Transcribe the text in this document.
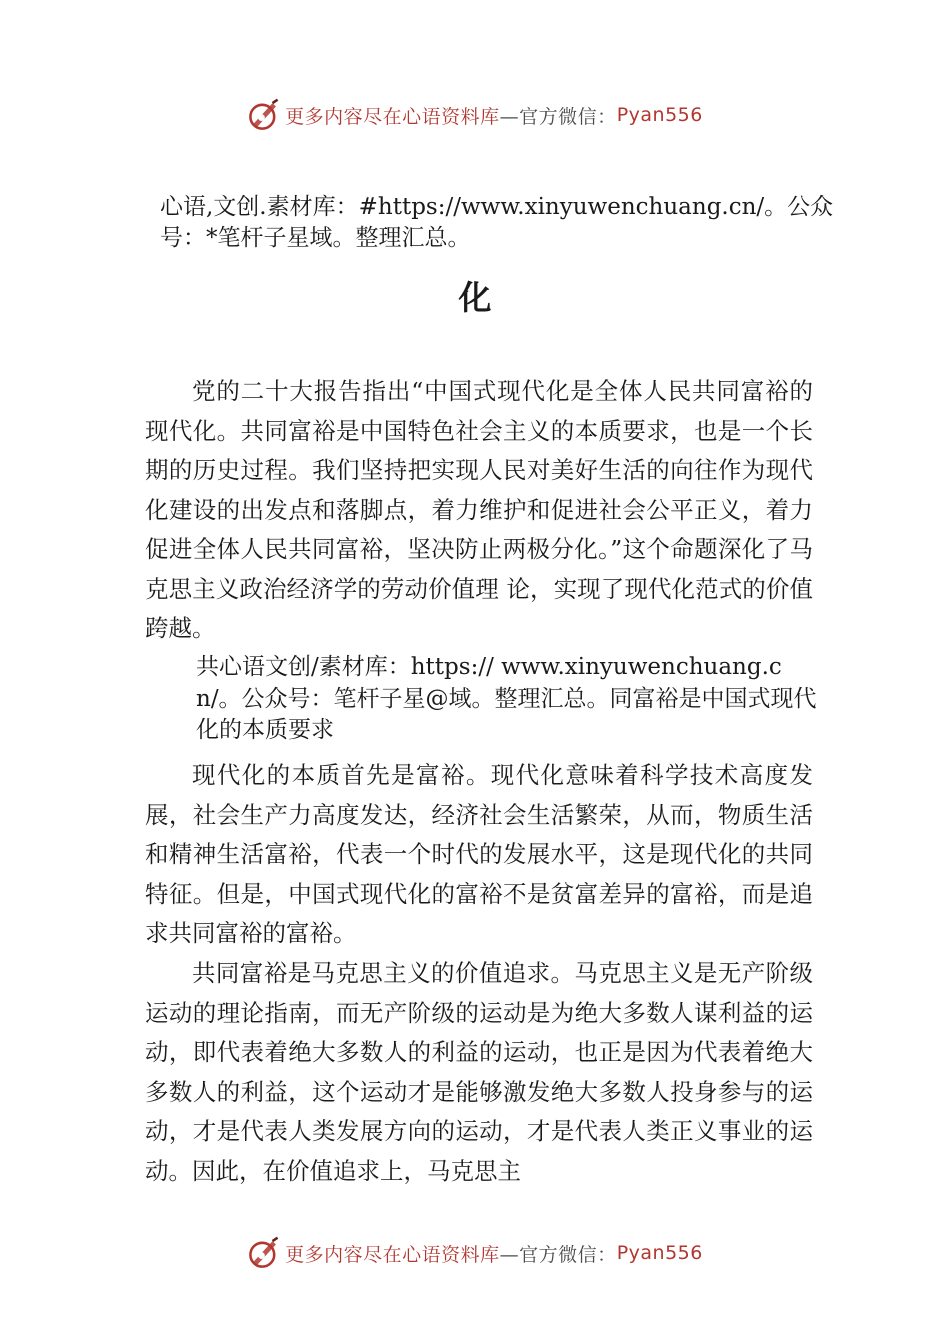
更多内容尽在心语资料库 —官方微信： Pyan556
心语,文创.素材库：#https://www.xinyuwenchuang.cn/。公众号：*笔杆子星域。整理汇总。
化
党的二十大报告指出“中国式现代化是全体人民共同富裕的现代化。共同富裕是中国特色社会主义的本质要求，也是一个长期的历史过程。我们坚持把实现人民对美好生活的向往作为现代化建设的出发点和落脚点，着力维护和促进社会公平正义，着力促进全体人民共同富裕，坚决防止两极分化。”这个命题深化了马克思主义政治经济学的劳动价值理 论，实现了现代化范式的价值跨越。
共心语文创/素材库：https:// www.xinyuwenchuang.cn/。公众号：笔杆子星@域。整理汇总。同富裕是中国式现代化的本质要求
现代化的本质首先是富裕。现代化意味着科学技术高度发展，社会生产力高度发达，经济社会生活繁荣，从而，物质生活和精神生活富裕，代表一个时代的发展水平，这是现代化的共同特征。但是，中国式现代化的富裕不是贫富差异的富裕，而是追求共同富裕的富裕。
共同富裕是马克思主义的价值追求。马克思主义是无产阶级运动的理论指南，而无产阶级的运动是为绝大多数人谋利益的运动，即代表着绝大多数人的利益的运动，也正是因为代表着绝大多数人的利益，这个运动才是能够激发绝大多数人投身参与的运动，才是代表人类发展方向的运动，才是代表人类正义事业的运动。因此，在价值追求上，马克思主
更多内容尽在心语资料库 —官方微信： Pyan556
